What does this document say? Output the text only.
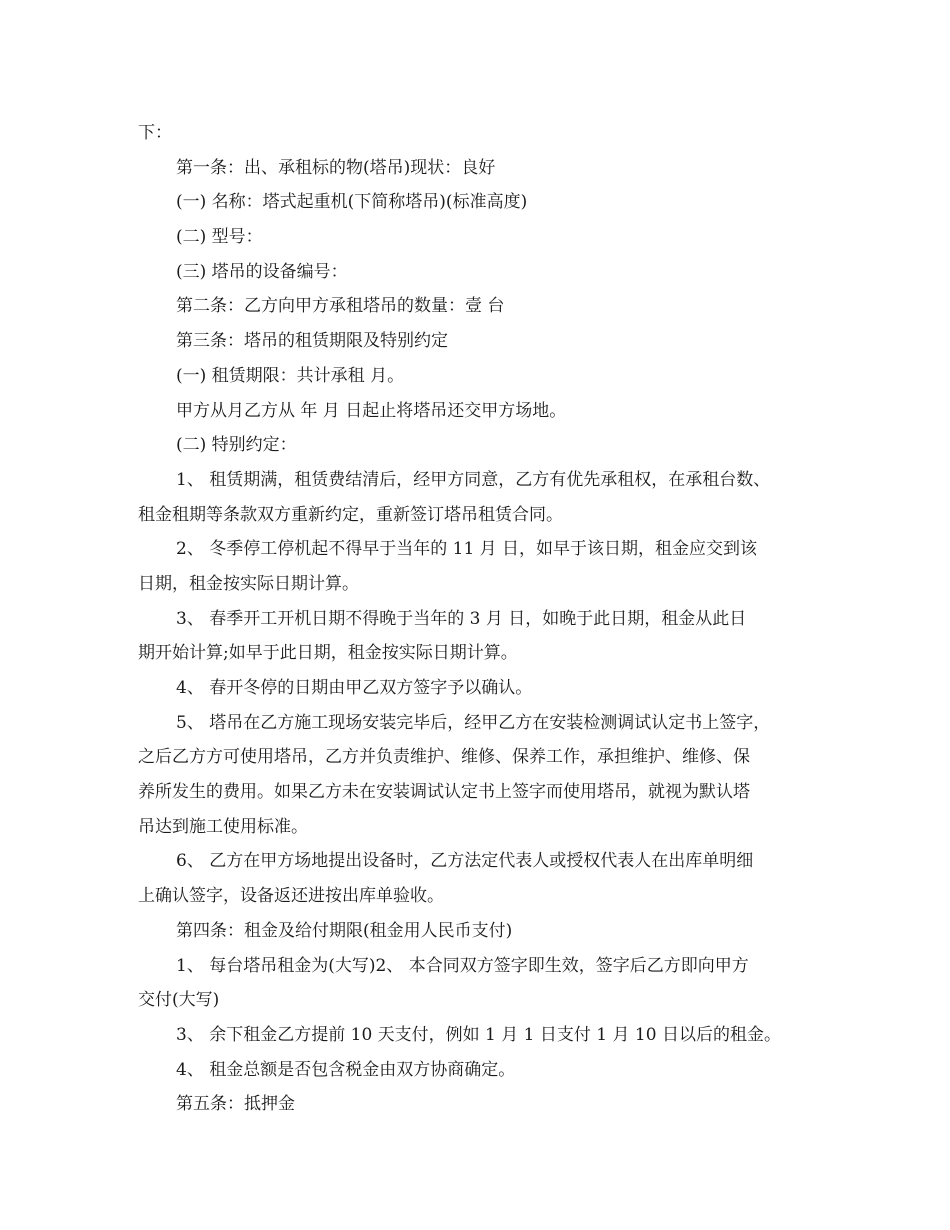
下：
第一条：出、承租标的物(塔吊)现状：良好
(一) 名称：塔式起重机(下简称塔吊)(标准高度)
(二) 型号：
(三) 塔吊的设备编号：
第二条：乙方向甲方承租塔吊的数量：壹 台
第三条：塔吊的租赁期限及特别约定
(一) 租赁期限：共计承租 月。
甲方从月乙方从 年 月 日起止将塔吊还交甲方场地。
(二) 特别约定：
1、 租赁期满，租赁费结清后，经甲方同意，乙方有优先承租权，在承租台数、
租金租期等条款双方重新约定，重新签订塔吊租赁合同。
2、 冬季停工停机起不得早于当年的 11 月 日，如早于该日期，租金应交到该
日期，租金按实际日期计算。
3、 春季开工开机日期不得晚于当年的 3 月 日，如晚于此日期，租金从此日
期开始计算;如早于此日期，租金按实际日期计算。
4、 春开冬停的日期由甲乙双方签字予以确认。
5、 塔吊在乙方施工现场安装完毕后，经甲乙方在安装检测调试认定书上签字，
之后乙方方可使用塔吊，乙方并负责维护、维修、保养工作，承担维护、维修、保
养所发生的费用。如果乙方未在安装调试认定书上签字而使用塔吊，就视为默认塔
吊达到施工使用标准。
6、 乙方在甲方场地提出设备时，乙方法定代表人或授权代表人在出库单明细
上确认签字，设备返还进按出库单验收。
第四条：租金及给付期限(租金用人民币支付)
1、 每台塔吊租金为(大写)2、 本合同双方签字即生效，签字后乙方即向甲方
交付(大写)
3、 余下租金乙方提前 10 天支付，例如 1 月 1 日支付 1 月 10 日以后的租金。
4、 租金总额是否包含税金由双方协商确定。
第五条：抵押金
